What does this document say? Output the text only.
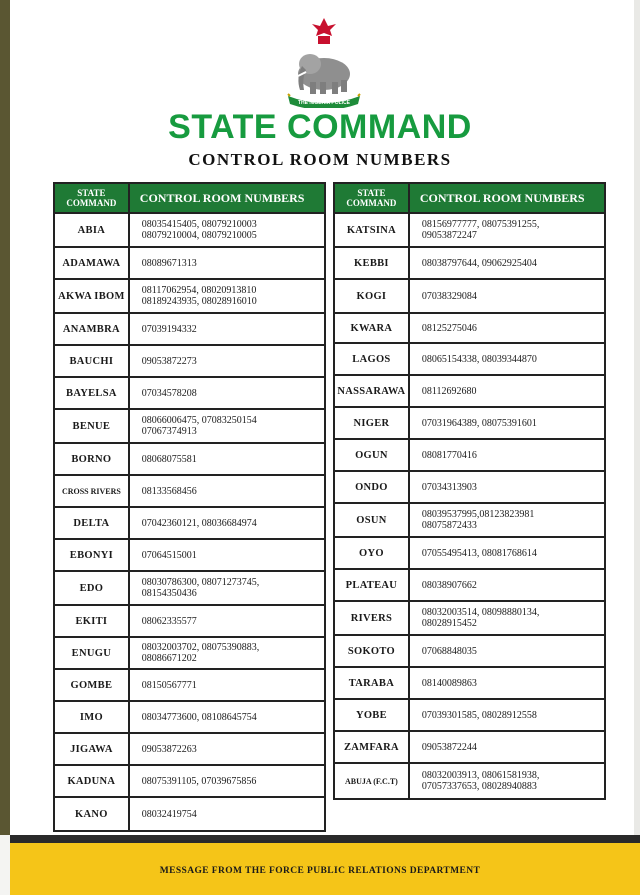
THE NIGERIA POLICE
STATE COMMAND
CONTROL ROOM NUMBERS
STATE COMMAND	CONTROL ROOM NUMBERS
ABIA	08035415405, 08079210003
08079210004, 08079210005
ADAMAWA	08089671313
AKWA IBOM	08117062954, 08020913810
08189243935, 08028916010
ANAMBRA	07039194332
BAUCHI	09053872273
BAYELSA	07034578208
BENUE	08066006475, 07083250154
07067374913
BORNO	08068075581
CROSS RIVERS	08133568456
DELTA	07042360121, 08036684974
EBONYI	07064515001
EDO	08030786300, 08071273745,
08154350436
EKITI	08062335577
ENUGU	08032003702, 08075390883,
08086671202
GOMBE	08150567771
IMO	08034773600, 08108645754
JIGAWA	09053872263
KADUNA	08075391105, 07039675856
KANO	08032419754
STATE COMMAND	CONTROL ROOM NUMBERS
KATSINA	08156977777, 08075391255,
09053872247
KEBBI	08038797644, 09062925404
KOGI	07038329084
KWARA	08125275046
LAGOS	08065154338, 08039344870
NASSARAWA	08112692680
NIGER	07031964389, 08075391601
OGUN	08081770416
ONDO	07034313903
OSUN	08039537995,08123823981
08075872433
OYO	07055495413, 08081768614
PLATEAU	08038907662
RIVERS	08032003514, 08098880134,
08028915452
SOKOTO	07068848035
TARABA	08140089863
YOBE	07039301585, 08028912558
ZAMFARA	09053872244
ABUJA (F.C.T)	08032003913, 08061581938,
07057337653, 08028940883
MESSAGE FROM THE FORCE PUBLIC RELATIONS DEPARTMENT
